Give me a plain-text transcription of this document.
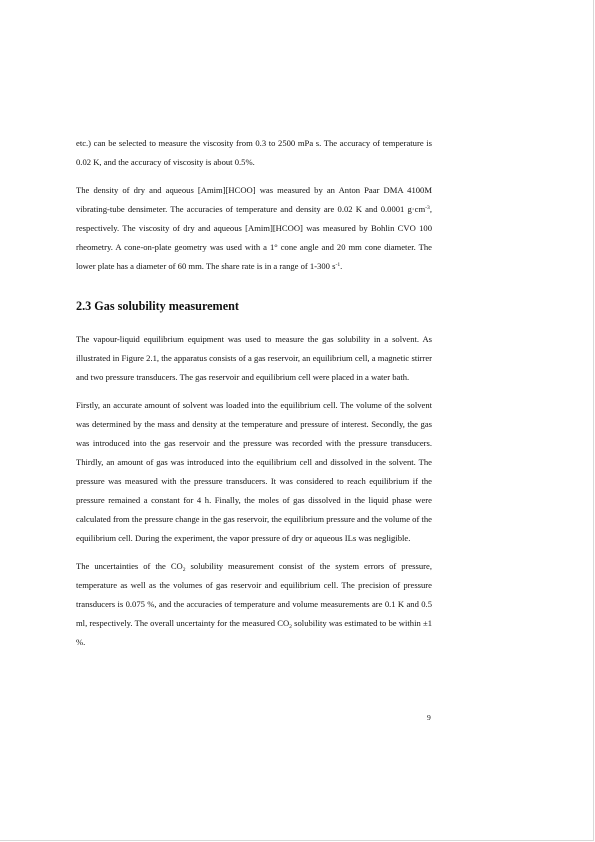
etc.) can be selected to measure the viscosity from 0.3 to 2500 mPa s. The accuracy of temperature is 0.02 K, and the accuracy of viscosity is about 0.5%.

The density of dry and aqueous [Amim][HCOO] was measured by an Anton Paar DMA 4100M vibrating-tube densimeter. The accuracies of temperature and density are 0.02 K and 0.0001 $g\cdot cm^{-3}$, respectively. The viscosity of dry and aqueous [Amim][HCOO] was measured by Bohlin CVO 100 rheometry. A cone-on-plate geometry was used with a 1° cone angle and 20 mm cone diameter. The lower plate has a diameter of 60 mm. The share rate is in a range of 1-300 $s^{-1}$.

2.3 Gas solubility measurement

The vapour-liquid equilibrium equipment was used to measure the gas solubility in a solvent. As illustrated in Figure 2.1, the apparatus consists of a gas reservoir, an equilibrium cell, a magnetic stirrer and two pressure transducers. The gas reservoir and equilibrium cell were placed in a water bath.

Firstly, an accurate amount of solvent was loaded into the equilibrium cell. The volume of the solvent was determined by the mass and density at the temperature and pressure of interest. Secondly, the gas was introduced into the gas reservoir and the pressure was recorded with the pressure transducers. Thirdly, an amount of gas was introduced into the equilibrium cell and dissolved in the solvent. The pressure was measured with the pressure transducers. It was considered to reach equilibrium if the pressure remained a constant for 4 h. Finally, the moles of gas dissolved in the liquid phase were calculated from the pressure change in the gas reservoir, the equilibrium pressure and the volume of the equilibrium cell. During the experiment, the vapor pressure of dry or aqueous ILs was negligible.

The uncertainties of the $CO_2$ solubility measurement consist of the system errors of pressure, temperature as well as the volumes of gas reservoir and equilibrium cell. The precision of pressure transducers is 0.075 %, and the accuracies of temperature and volume measurements are 0.1 K and 0.5 ml, respectively. The overall uncertainty for the measured $CO_2$ solubility was estimated to be within ±1 %.

9
